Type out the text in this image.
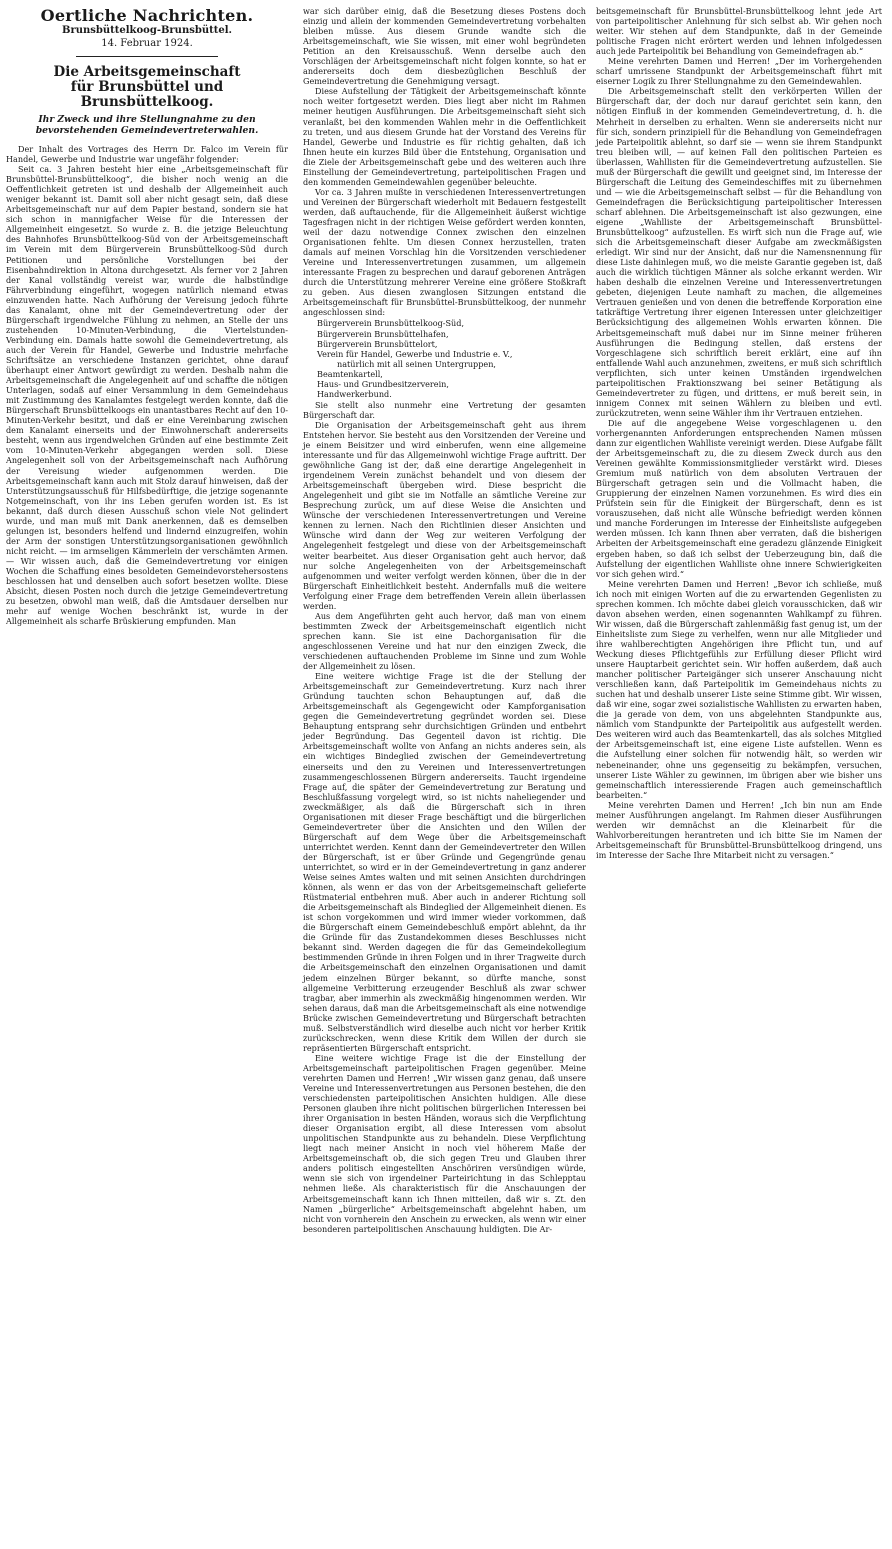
Oertliche Nachrichten.
Brunsbüttelkoog-Brunsbüttel.
14. Februar 1924.
Die Arbeitsgemeinschaft
für Brunsbüttel und Brunsbüttelkoog.
Ihr Zweck und ihre Stellungnahme zu den bevorstehenden Gemeindevertreterwahlen.

Der Inhalt des Vortrages des Herrn Dr. Falco im Verein für Handel, Gewerbe und Industrie war ungefähr folgender:

Seit ca. 3 Jahren besteht hier eine „Arbeitsgemeinschaft für Brunsbüttel-Brunsbüttelkoog“, die bisher noch wenig an die Oeffentlichkeit getreten ist und deshalb der Allgemeinheit auch weniger bekannt ist. Damit soll aber nicht gesagt sein, daß diese Arbeitsgemeinschaft nur auf dem Papier bestand, sondern sie hat sich schon in mannigfacher Weise für die Interessen der Allgemeinheit eingesetzt. So wurde z. B. die jetzige Beleuchtung des Bahnhofes Brunsbüttelkoog-Süd von der Arbeitsgemeinschaft im Verein mit dem Bürgerverein Brunsbüttelkoog-Süd durch Petitionen und persönliche Vorstellungen bei der Eisenbahndirektion in Altona durchgesetzt. Als ferner vor 2 Jahren der Kanal vollständig vereist war, wurde die halbstündige Fährverbindung eingeführt, wogegen natürlich niemand etwas einzuwenden hatte. Nach Aufhörung der Vereisung jedoch führte das Kanalamt, ohne mit der Gemeindevertretung oder der Bürgerschaft irgendwelche Fühlung zu nehmen, an Stelle der uns zustehenden 10-Minuten-Verbindung, die Viertelstunden-Verbindung ein. Damals hatte sowohl die Gemeindevertretung, als auch der Verein für Handel, Gewerbe und Industrie mehrfache Schriftsätze an verschiedene Instanzen gerichtet, ohne darauf überhaupt einer Antwort gewürdigt zu werden. Deshalb nahm die Arbeitsgemeinschaft die Angelegenheit auf und schaffte die nötigen Unterlagen, sodaß auf einer Versammlung in dem Gemeindehaus mit Zustimmung des Kanalamtes festgelegt werden konnte, daß die Bürgerschaft Brunsbüttelkoogs ein unantastbares Recht auf den 10-Minuten-Verkehr besitzt, und daß er eine Vereinbarung zwischen dem Kanalamt einerseits und der Einwohnerschaft andererseits besteht, wenn aus irgendwelchen Gründen auf eine bestimmte Zeit vom 10-Minuten-Verkehr abgegangen werden soll. Diese Angelegenheit soll von der Arbeitsgemeinschaft nach Aufhörung der Vereisung wieder aufgenommen werden. Die Arbeitsgemeinschaft kann auch mit Stolz darauf hinweisen, daß der Unterstützungsausschuß für Hilfsbedürftige, die jetzige sogenannte Notgemeinschaft, von ihr ins Leben gerufen worden ist. Es ist bekannt, daß durch diesen Ausschuß schon viele Not gelindert wurde, und man muß mit Dank anerkennen, daß es demselben gelungen ist, besonders helfend und lindernd einzugreifen, wohin der Arm der sonstigen Unterstützungsorganisationen gewöhnlich nicht reicht. — im armseligen Kämmerlein der verschämten Armen. — Wir wissen auch, daß die Gemeindevertretung vor einigen Wochen die Schaffung eines besoldeten Gemeindevorstehersostens beschlossen hat und denselben auch sofort besetzen wollte. Diese Absicht, diesen Posten noch durch die jetzige Gemeindevertretung zu besetzen, obwohl man weiß, daß die Amtsdauer derselben nur mehr auf wenige Wochen beschränkt ist, wurde in der Allgemeinheit als scharfe Brüskierung empfunden. Man

war sich darüber einig, daß die Besetzung dieses Postens doch einzig und allein der kommenden Gemeindevertretung vorbehalten bleiben müsse. Aus diesem Grunde wandte sich die Arbeitsgemeinschaft, wie Sie wissen, mit einer wohl begründeten Petition an den Kreisausschuß. Wenn derselbe auch den Vorschlägen der Arbeitsgemeinschaft nicht folgen konnte, so hat er andererseits doch dem diesbezüglichen Beschluß der Gemeindevertretung die Genehmigung versagt.

Diese Aufstellung der Tätigkeit der Arbeitsgemeinschaft könnte noch weiter fortgesetzt werden. Dies liegt aber nicht im Rahmen meiner heutigen Ausführungen. Die Arbeitsgemeinschaft sieht sich veranlaßt, bei den kommenden Wahlen mehr in die Oeffentlichkeit zu treten, und aus diesem Grunde hat der Vorstand des Vereins für Handel, Gewerbe und Industrie es für richtig gehalten, daß ich Ihnen heute ein kurzes Bild über die Entstehung, Organisation und die Ziele der Arbeitsgemeinschaft gebe und des weiteren auch ihre Einstellung der Gemeindevertretung, parteipolitischen Fragen und den kommenden Gemeindewahlen gegenüber beleuchte.

Vor ca. 3 Jahren mußte in verschiedenen Interessenvertretungen und Vereinen der Bürgerschaft wiederholt mit Bedauern festgestellt werden, daß auftauchende, für die Allgemeinheit äußerst wichtige Tagesfragen nicht in der richtigen Weise gefördert werden konnten, weil der dazu notwendige Connex zwischen den einzelnen Organisationen fehlte. Um diesen Connex herzustellen, traten damals auf meinen Vorschlag hin die Vorsitzenden verschiedener Vereine und Interessenvertretungen zusammen, um allgemein interessante Fragen zu besprechen und darauf geborenen Anträgen durch die Unterstützung mehrerer Vereine eine größere Stoßkraft zu geben. Aus diesen zwanglosen Sitzungen entstand die Arbeitsgemeinschaft für Brunsbüttel-Brunsbüttelkoog, der nunmehr angeschlossen sind:

Bürgerverein Brunsbüttelkoog-Süd,
Bürgerverein Brunsbüttelhafen,
Bürgerverein Brunsbüttelort,
Verein für Handel, Gewerbe und Industrie e. V.,
natürlich mit all seinen Untergruppen,
Beamtenkartell,
Haus- und Grundbesitzerverein,
Handwerkerbund.

Sie stellt also nunmehr eine Vertretung der gesamten Bürgerschaft dar.

Die Organisation der Arbeitsgemeinschaft geht aus ihrem Entstehen hervor. Sie besteht aus den Vorsitzenden der Vereine und je einem Beisitzer und wird einberufen, wenn eine allgemeine interessante und für das Allgemeinwohl wichtige Frage auftritt. Der gewöhnliche Gang ist der, daß eine derartige Angelegenheit in irgendeinem Verein zunächst behandelt und von diesem der Arbeitsgemeinschaft übergeben wird. Diese bespricht die Angelegenheit und gibt sie im Notfalle an sämtliche Vereine zur Besprechung zurück, um auf diese Weise die Ansichten und Wünsche der verschiedenen Interessenvertretungen und Vereine kennen zu lernen. Nach den Richtlinien dieser Ansichten und Wünsche wird dann der Weg zur weiteren Verfolgung der Angelegenheit festgelegt und diese von der Arbeitsgemeinschaft weiter bearbeitet. Aus dieser Organisation geht auch hervor, daß nur solche Angelegenheiten von der Arbeitsgemeinschaft aufgenommen und weiter verfolgt werden können, über die in der Bürgerschaft Einheitlichkeit besteht. Andernfalls muß die weitere Verfolgung einer Frage dem betreffenden Verein allein überlassen werden.

Aus dem Angeführten geht auch hervor, daß man von einem bestimmten Zweck der Arbeitsgemeinschaft eigentlich nicht sprechen kann. Sie ist eine Dachorganisation für die angeschlossenen Vereine und hat nur den einzigen Zweck, die verschiedenen auftauchenden Probleme im Sinne und zum Wohle der Allgemeinheit zu lösen.

Eine weitere wichtige Frage ist die der Stellung der Arbeitsgemeinschaft zur Gemeindevertretung. Kurz nach ihrer Gründung tauchten schon Behauptungen auf, daß die Arbeitsgemeinschaft als Gegengewicht oder Kampforganisation gegen die Gemeindevertretung gegründet worden sei. Diese Behauptung entsprang sehr durchsichtigen Gründen und entbehrt jeder Begründung. Das Gegenteil davon ist richtig. Die Arbeitsgemeinschaft wollte von Anfang an nichts anderes sein, als ein wichtiges Bindeglied zwischen der Gemeindevertretung einerseits und den zu Vereinen und Interessenvertretungen zusammengeschlossenen Bürgern andererseits. Taucht irgendeine Frage auf, die später der Gemeindevertretung zur Beratung und Beschlußfassung vorgelegt wird, so ist nichts naheliegender und zweckmäßiger, als daß die Bürgerschaft sich in ihren Organisationen mit dieser Frage beschäftigt und die bürgerlichen Gemeindevertreter über die Ansichten und den Willen der Bürgerschaft auf dem Wege über die Arbeitsgemeinschaft unterrichtet werden. Kennt dann der Gemeindevertreter den Willen der Bürgerschaft, ist er über Gründe und Gegengründe genau unterrichtet, so wird er in der Gemeindevertretung in ganz anderer Weise seines Amtes walten und mit seinen Ansichten durchdringen können, als wenn er das von der Arbeitsgemeinschaft gelieferte Rüstmaterial entbehren muß. Aber auch in anderer Richtung soll die Arbeitsgemeinschaft als Bindeglied der Allgemeinheit dienen. Es ist schon vorgekommen und wird immer wieder vorkommen, daß die Bürgerschaft einem Gemeindebeschluß empört ablehnt, da ihr die Gründe für das Zustandekommen dieses Beschlusses nicht bekannt sind. Werden dagegen die für das Gemeindekollegium bestimmenden Gründe in ihren Folgen und in ihrer Tragweite durch die Arbeitsgemeinschaft den einzelnen Organisationen und damit jedem einzelnen Bürger bekannt, so dürfte manche, sonst allgemeine Verbitterung erzeugender Beschluß als zwar schwer tragbar, aber immerhin als zweckmäßig hingenommen werden. Wir sehen daraus, daß man die Arbeitsgemeinschaft als eine notwendige Brücke zwischen Gemeindevertretung und Bürgerschaft betrachten muß. Selbstverständlich wird dieselbe auch nicht vor herber Kritik zurückschrecken, wenn diese Kritik dem Willen der durch sie repräsentierten Bürgerschaft entspricht.

Eine weitere wichtige Frage ist die der Einstellung der Arbeitsgemeinschaft parteipolitischen Fragen gegenüber. Meine verehrten Damen und Herren! „Wir wissen ganz genau, daß unsere Vereine und Interessenvertretungen aus Personen bestehen, die den verschiedensten parteipolitischen Ansichten huldigen. Alle diese Personen glauben ihre nicht politischen bürgerlichen Interessen bei ihrer Organisation in besten Händen, woraus sich die Verpflichtung dieser Organisation ergibt, all diese Interessen vom absolut unpolitischen Standpunkte aus zu behandeln. Diese Verpflichtung liegt nach meiner Ansicht in noch viel höherem Maße der Arbeitsgemeinschaft ob, die sich gegen Treu und Glauben ihrer anders politisch eingestellten Anschöriren versündigen würde, wenn sie sich von irgendeiner Parteirichtung in das Schlepptau nehmen ließe. Als charakteristisch für die Anschauungen der Arbeitsgemeinschaft kann ich Ihnen mitteilen, daß wir s. Zt. den Namen „bürgerliche“ Arbeitsgemeinschaft abgelehnt haben, um nicht von vornherein den Anschein zu erwecken, als wenn wir einer besonderen parteipolitischen Anschauung huldigten. Die Ar-

beitsgemeinschaft für Brunsbüttel-Brunsbüttelkoog lehnt jede Art von parteipolitischer Anlehnung für sich selbst ab. Wir gehen noch weiter. Wir stehen auf dem Standpunkte, daß in der Gemeinde politische Fragen nicht erörtert werden und lehnen infolgedessen auch jede Parteipolitik bei Behandlung von Gemeindefragen ab.“

Meine verehrten Damen und Herren! „Der im Vorhergehenden scharf umrissene Standpunkt der Arbeitsgemeinschaft führt mit eiserner Logik zu Ihrer Stellungnahme zu den Gemeindewahlen.

Die Arbeitsgemeinschaft stellt den verkörperten Willen der Bürgerschaft dar, der doch nur darauf gerichtet sein kann, den nötigen Einfluß in der kommenden Gemeindevertretung, d. h. die Mehrheit in derselben zu erhalten. Wenn sie andererseits nicht nur für sich, sondern prinzipiell für die Behandlung von Gemeindefragen jede Parteipolitik ablehnt, so darf sie — wenn sie ihrem Standpunkt treu bleiben will, — auf keinen Fall den politischen Parteien es überlassen, Wahllisten für die Gemeindevertretung aufzustellen. Sie muß der Bürgerschaft die gewillt und geeignet sind, im Interesse der Bürgerschaft die Leitung des Gemeindeschiffes mit zu übernehmen und — wie die Arbeitsgemeinschaft selbst — für die Behandlung von Gemeindefragen die Berücksichtigung parteipolitischer Interessen scharf ablehnen. Die Arbeitsgemeinschaft ist also gezwungen, eine eigene „Wahlliste der Arbeitsgemeinschaft Brunsbüttel-Brunsbüttelkoog“ aufzustellen. Es wirft sich nun die Frage auf, wie sich die Arbeitsgemeinschaft dieser Aufgabe am zweckmäßigsten erledigt. Wir sind nur der Ansicht, daß nur die Namensnennung für diese Liste dahinlegen muß, wo die meiste Garantie gegeben ist, daß auch die wirklich tüchtigen Männer als solche erkannt werden. Wir haben deshalb die einzelnen Vereine und Interessenvertretungen gebeten, diejenigen Leute namhaft zu machen, die allgemeines Vertrauen genießen und von denen die betreffende Korporation eine tatkräftige Vertretung ihrer eigenen Interessen unter gleichzeitiger Berücksichtigung des allgemeinen Wohls erwarten können. Die Arbeitsgemeinschaft muß dabei nur im Sinne meiner früheren Ausführungen die Bedingung stellen, daß erstens der Vorgeschlagene sich schriftlich bereit erklärt, eine auf ihn entfallende Wahl auch anzunehmen, zweitens, er muß sich schriftlich verpflichten, sich unter keinen Umständen irgendwelchen parteipolitischen Fraktionszwang bei seiner Betätigung als Gemeindevertreter zu fügen, und drittens, er muß bereit sein, in innigem Connex mit seinen Wählern zu bleiben und evtl. zurückzutreten, wenn seine Wähler ihm ihr Vertrauen entziehen.

Die auf die angegebene Weise vorgeschlagenen u. den vorhergenannten Anforderungen entsprechenden Namen müssen dann zur eigentlichen Wahlliste vereinigt werden. Diese Aufgabe fällt der Arbeitsgemeinschaft zu, die zu diesem Zweck durch aus den Vereinen gewählte Kommissionsmitglieder verstärkt wird. Dieses Gremium muß natürlich von dem absoluten Vertrauen der Bürgerschaft getragen sein und die Vollmacht haben, die Gruppierung der einzelnen Namen vorzunehmen. Es wird dies ein Prüfstein sein für die Einigkeit der Bürgerschaft, denn es ist vorauszusehen, daß nicht alle Wünsche befriedigt werden können und manche Forderungen im Interesse der Einheitsliste aufgegeben werden müssen. Ich kann Ihnen aber verraten, daß die bisherigen Arbeiten der Arbeitsgemeinschaft eine geradezu glänzende Einigkeit ergeben haben, so daß ich selbst der Ueberzeugung bin, daß die Aufstellung der eigentlichen Wahlliste ohne innere Schwierigkeiten vor sich gehen wird.“

Meine verehrten Damen und Herren! „Bevor ich schließe, muß ich noch mit einigen Worten auf die zu erwartenden Gegenlisten zu sprechen kommen. Ich möchte dabei gleich vorausschicken, daß wir davon absehen werden, einen sogenannten Wahlkampf zu führen. Wir wissen, daß die Bürgerschaft zahlenmäßig fast genug ist, um der Einheitsliste zum Siege zu verhelfen, wenn nur alle Mitglieder und ihre wahlberechtigten Angehörigen ihre Pflicht tun, und auf Weckung dieses Pflichtgefühls zur Erfüllung dieser Pflicht wird unsere Hauptarbeit gerichtet sein. Wir hoffen außerdem, daß auch mancher politischer Parteigänger sich unserer Anschauung nicht verschließen kann, daß Parteipolitik im Gemeindehaus nichts zu suchen hat und deshalb unserer Liste seine Stimme gibt. Wir wissen, daß wir eine, sogar zwei sozialistische Wahllisten zu erwarten haben, die ja gerade von dem, von uns abgelehnten Standpunkte aus, nämlich vom Standpunkte der Parteipolitik aus aufgestellt werden. Des weiteren wird auch das Beamtenkartell, das als solches Mitglied der Arbeitsgemeinschaft ist, eine eigene Liste aufstellen. Wenn es die Aufstellung einer solchen für notwendig hält, so werden wir nebeneinander, ohne uns gegenseitig zu bekämpfen, versuchen, unserer Liste Wähler zu gewinnen, im übrigen aber wie bisher uns gemeinschaftlich interessierende Fragen auch gemeinschaftlich bearbeiten.“

Meine verehrten Damen und Herren! „Ich bin nun am Ende meiner Ausführungen angelangt. Im Rahmen dieser Ausführungen werden wir demnächst an die Kleinarbeit für die Wahlvorbereitungen herantreten und ich bitte Sie im Namen der Arbeitsgemeinschaft für Brunsbüttel-Brunsbüttelkoog dringend, uns im Interesse der Sache Ihre Mitarbeit nicht zu versagen.“
